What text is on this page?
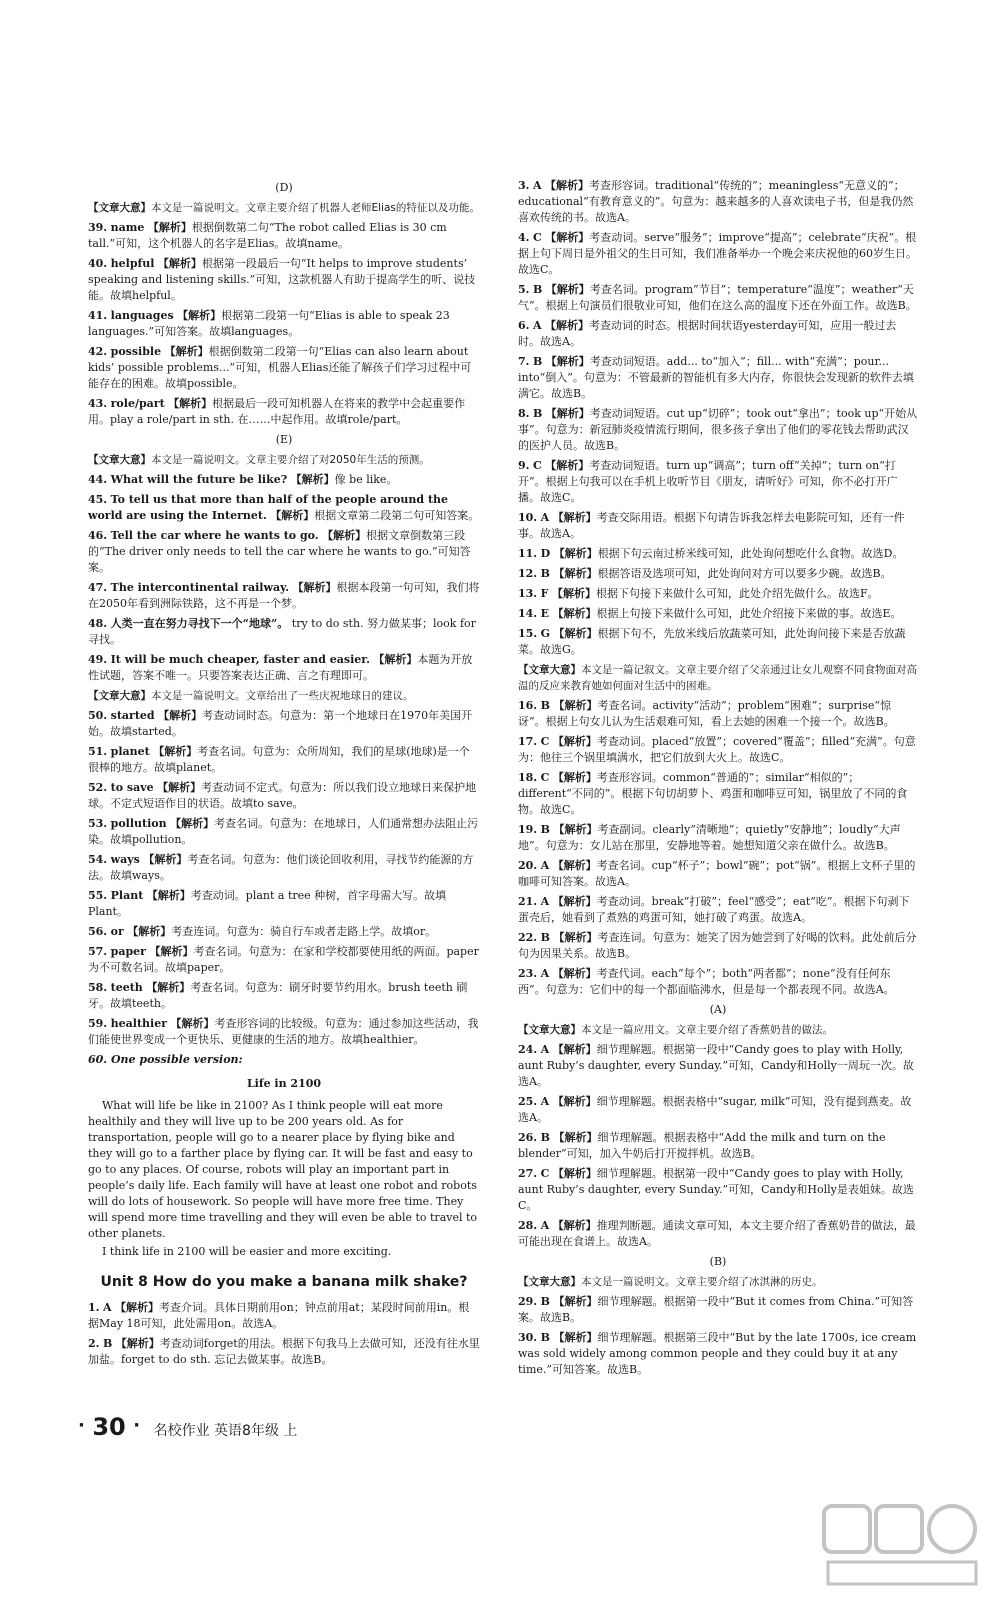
(D)
【文章大意】本文是一篇说明文。文章主要介绍了机器人老师Elias的特征以及功能。
39. name 【解析】根据倒数第二句“The robot called Elias is 30 cm tall.”可知，这个机器人的名字是Elias。故填name。
40. helpful 【解析】根据第一段最后一句“It helps to improve students’ speaking and listening skills.”可知，这款机器人有助于提高学生的听、说技能。故填helpful。
41. languages 【解析】根据第二段第一句“Elias is able to speak 23 languages.”可知答案。故填languages。
42. possible 【解析】根据倒数第二段第一句“Elias can also learn about kids’ possible problems...”可知，机器人Elias还能了解孩子们学习过程中可能存在的困难。故填possible。
43. role/part 【解析】根据最后一段可知机器人在将来的教学中会起重要作用。play a role/part in sth. 在……中起作用。故填role/part。
(E)
【文章大意】本文是一篇说明文。文章主要介绍了对2050年生活的预测。
44. What will the future be like? 【解析】像 be like。
45. To tell us that more than half of the people around the world are using the Internet. 【解析】根据文章第二段第二句可知答案。
46. Tell the car where he wants to go. 【解析】根据文章倒数第三段的“The driver only needs to tell the car where he wants to go.”可知答案。
47. The intercontinental railway. 【解析】根据本段第一句可知，我们将在2050年看到洲际铁路，这不再是一个梦。
48. 人类一直在努力寻找下一个“地球”。 try to do sth. 努力做某事；look for 寻找。
49. It will be much cheaper, faster and easier. 【解析】本题为开放性试题，答案不唯一。只要答案表达正确、言之有理即可。
【文章大意】本文是一篇说明文。文章给出了一些庆祝地球日的建议。
50. started 【解析】考查动词时态。句意为：第一个地球日在1970年美国开始。故填started。
51. planet 【解析】考查名词。句意为：众所周知，我们的星球(地球)是一个很棒的地方。故填planet。
52. to save 【解析】考查动词不定式。句意为：所以我们设立地球日来保护地球。不定式短语作目的状语。故填to save。
53. pollution 【解析】考查名词。句意为：在地球日，人们通常想办法阻止污染。故填pollution。
54. ways 【解析】考查名词。句意为：他们谈论回收利用，寻找节约能源的方法。故填ways。
55. Plant 【解析】考查动词。plant a tree 种树，首字母需大写。故填Plant。
56. or 【解析】考查连词。句意为：骑自行车或者走路上学。故填or。
57. paper 【解析】考查名词。句意为：在家和学校都要使用纸的两面。paper为不可数名词。故填paper。
58. teeth 【解析】考查名词。句意为：刷牙时要节约用水。brush teeth 刷牙。故填teeth。
59. healthier 【解析】考查形容词的比较级。句意为：通过参加这些活动，我们能使世界变成一个更快乐、更健康的生活的地方。故填healthier。
60. One possible version:
Life in 2100

What will life be like in 2100? As I think people will eat more healthily and they will live up to be 200 years old. As for transportation, people will go to a nearer place by flying bike and they will go to a farther place by flying car. It will be fast and easy to go to any places. Of course, robots will play an important part in people’s daily life. Each family will have at least one robot and robots will do lots of housework. So people will have more free time. They will spend more time travelling and they will even be able to travel to other planets.

I think life in 2100 will be easier and more exciting.

Unit 8 How do you make a banana milk shake?
1. A 【解析】考查介词。具体日期前用on；钟点前用at；某段时间前用in。根据May 18可知，此处需用on。故选A。
2. B 【解析】考查动词forget的用法。根据下句我马上去做可知，还没有往水里加盐。forget to do sth. 忘记去做某事。故选B。
3. A 【解析】考查形容词。traditional“传统的”；meaningless“无意义的”；educational“有教育意义的”。句意为：越来越多的人喜欢读电子书，但是我仍然喜欢传统的书。故选A。
4. C 【解析】考查动词。serve“服务”；improve“提高”；celebrate“庆祝”。根据上句下周日是外祖父的生日可知，我们准备举办一个晚会来庆祝他的60岁生日。故选C。
5. B 【解析】考查名词。program“节目”；temperature“温度”；weather“天气”。根据上句演员们很敬业可知，他们在这么高的温度下还在外面工作。故选B。
6. A 【解析】考查动词的时态。根据时间状语yesterday可知，应用一般过去时。故选A。
7. B 【解析】考查动词短语。add... to“加入”；fill... with“充满”；pour... into“倒入”。句意为：不管最新的智能机有多大内存，你很快会发现新的软件去填满它。故选B。
8. B 【解析】考查动词短语。cut up“切碎”；took out“拿出”；took up“开始从事”。句意为：新冠肺炎疫情流行期间，很多孩子拿出了他们的零花钱去帮助武汉的医护人员。故选B。
9. C 【解析】考查动词短语。turn up“调高”；turn off“关掉”；turn on“打开”。根据上句我可以在手机上收听节目《朋友，请听好》可知，你不必打开广播。故选C。
10. A 【解析】考查交际用语。根据下句请告诉我怎样去电影院可知，还有一件事。故选A。
11. D 【解析】根据下句云南过桥米线可知，此处询问想吃什么食物。故选D。
12. B 【解析】根据答语及选项可知，此处询问对方可以要多少碗。故选B。
13. F 【解析】根据下句接下来做什么可知，此处介绍先做什么。故选F。
14. E 【解析】根据上句接下来做什么可知，此处介绍接下来做的事。故选E。
15. G 【解析】根据下句不，先放米线后放蔬菜可知，此处询问接下来是否放蔬菜。故选G。
【文章大意】本文是一篇记叙文。文章主要介绍了父亲通过让女儿观察不同食物面对高温的反应来教育她如何面对生活中的困难。
16. B 【解析】考查名词。activity“活动”；problem“困难”；surprise“惊讶”。根据上句女儿认为生活艰难可知，看上去她的困难一个接一个。故选B。
17. C 【解析】考查动词。placed“放置”；covered“覆盖”；filled“充满”。句意为：他往三个锅里填满水，把它们放到大火上。故选C。
18. C 【解析】考查形容词。common“普通的”；similar“相似的”；different“不同的”。根据下句切胡萝卜、鸡蛋和咖啡豆可知，锅里放了不同的食物。故选C。
19. B 【解析】考查副词。clearly“清晰地”；quietly“安静地”；loudly“大声地”。句意为：女儿站在那里，安静地等着。她想知道父亲在做什么。故选B。
20. A 【解析】考查名词。cup“杯子”；bowl“碗”；pot“锅”。根据上文杯子里的咖啡可知答案。故选A。
21. A 【解析】考查动词。break“打破”；feel“感受”；eat“吃”。根据下句剥下蛋壳后，她看到了煮熟的鸡蛋可知，她打破了鸡蛋。故选A。
22. B 【解析】考查连词。句意为：她笑了因为她尝到了好喝的饮料。此处前后分句为因果关系。故选B。
23. A 【解析】考查代词。each“每个”；both“两者都”；none“没有任何东西”。句意为：它们中的每一个都面临沸水，但是每一个都表现不同。故选A。
(A)
【文章大意】本文是一篇应用文。文章主要介绍了香蕉奶昔的做法。
24. A 【解析】细节理解题。根据第一段中“Candy goes to play with Holly, aunt Ruby’s daughter, every Sunday.”可知，Candy和Holly一周玩一次。故选A。
25. A 【解析】细节理解题。根据表格中“sugar, milk”可知，没有提到燕麦。故选A。
26. B 【解析】细节理解题。根据表格中“Add the milk and turn on the blender”可知，加入牛奶后打开搅拌机。故选B。
27. C 【解析】细节理解题。根据第一段中“Candy goes to play with Holly, aunt Ruby’s daughter, every Sunday.”可知，Candy和Holly是表姐妹。故选C。
28. A 【解析】推理判断题。通读文章可知，本文主要介绍了香蕉奶昔的做法，最可能出现在食谱上。故选A。
(B)
【文章大意】本文是一篇说明文。文章主要介绍了冰淇淋的历史。
29. B 【解析】细节理解题。根据第一段中“But it comes from China.”可知答案。故选B。
30. B 【解析】细节理解题。根据第三段中“But by the late 1700s, ice cream was sold widely among common people and they could buy it at any time.”可知答案。故选B。
· 30 · 名校作业 英语8年级 上
